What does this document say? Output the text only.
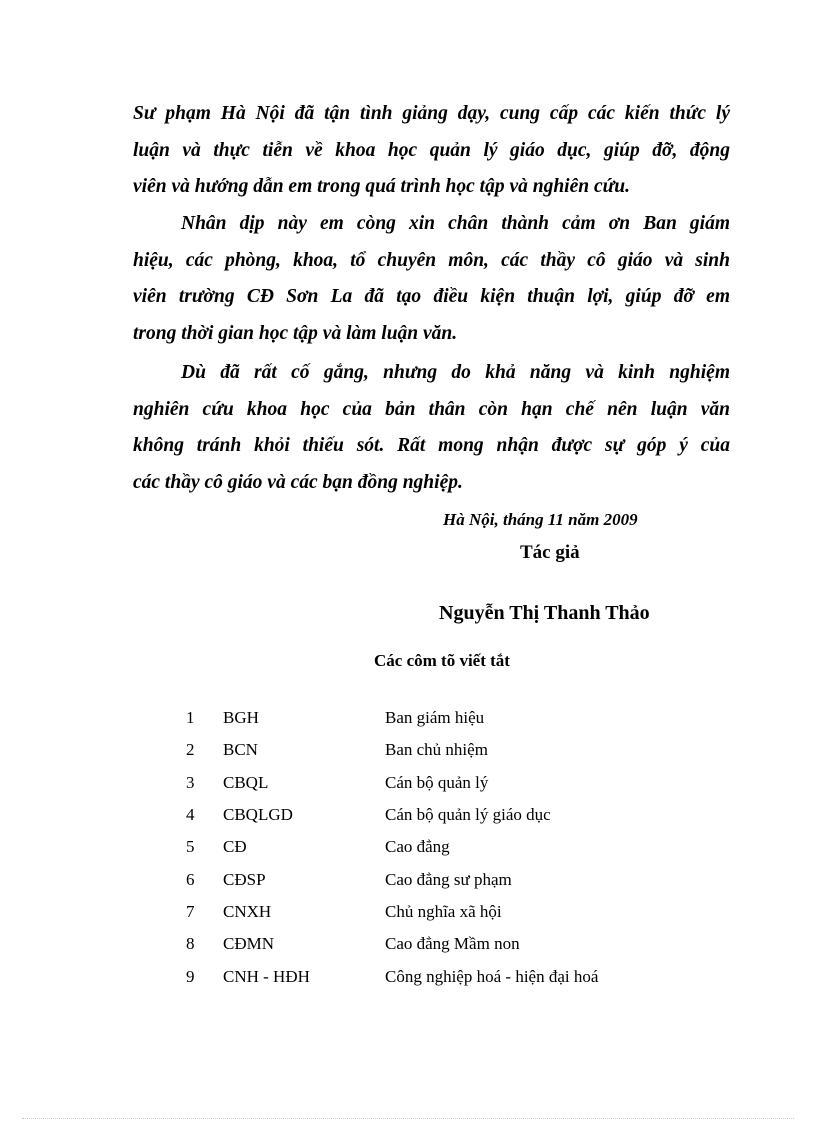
Sư phạm Hà Nội đã tận tình giảng dạy, cung cấp các kiến thức lý
luận và thực tiễn về khoa học quản lý giáo dục, giúp đỡ, động
viên và hướng dẫn em trong quá trình học tập và nghiên cứu.

Nhân dịp này em còng xin chân thành cảm ơn Ban giám
hiệu, các phòng, khoa, tổ chuyên môn, các thầy cô giáo và sinh
viên trường CĐ Sơn La đã tạo điều kiện thuận lợi, giúp đỡ em
trong thời gian học tập và làm luận văn.

Dù đã rất cố gắng, nhưng do khả năng và kinh nghiệm
nghiên cứu khoa học của bản thân còn hạn chế nên luận văn
không tránh khỏi thiếu sót. Rất mong nhận được sự góp ý của
các thầy cô giáo và các bạn đồng nghiệp.

Hà Nội, tháng 11 năm 2009

Tác giả

Nguyễn Thị Thanh Thảo

Các côm tõ viết tắt

1	BGH	Ban giám hiệu
2	BCN	Ban chủ nhiệm
3	CBQL	Cán bộ quản lý
4	CBQLGD	Cán bộ quản lý giáo dục
5	CĐ	Cao đẳng
6	CĐSP	Cao đẳng sư phạm
7	CNXH	Chủ nghĩa xã hội
8	CĐMN	Cao đẳng Mầm non
9	CNH - HĐH	Công nghiệp hoá - hiện đại hoá
